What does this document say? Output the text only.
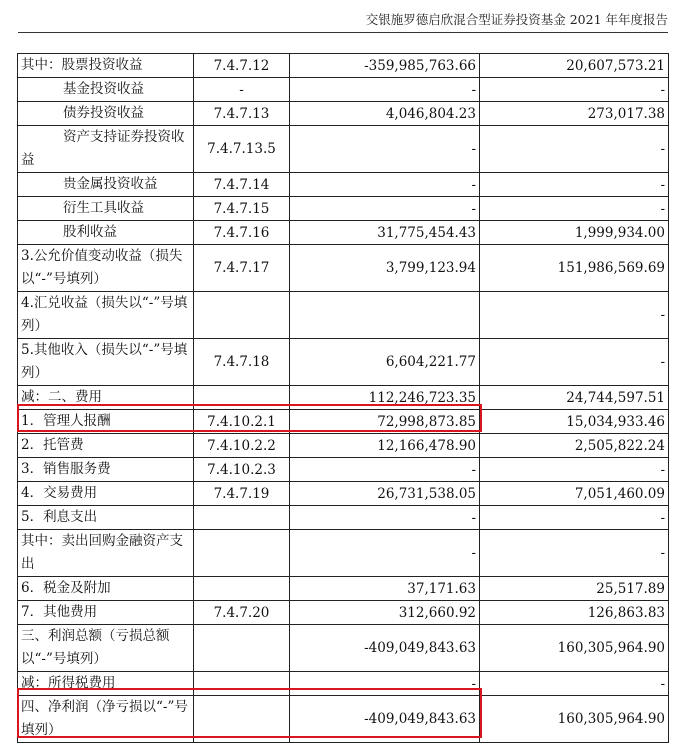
交银施罗德启欣混合型证券投资基金 2021 年年度报告
其中：股票投资收益	7.4.7.12	-359,985,763.66	20,607,573.21
基金投资收益	-	-	-
债券投资收益	7.4.7.13	4,046,804.23	273,017.38
资产支持证券投资收益	7.4.7.13.5	-	-
贵金属投资收益	7.4.7.14	-	-
衍生工具收益	7.4.7.15	-	-
股利收益	7.4.7.16	31,775,454.43	1,999,934.00
3.公允价值变动收益（损失以“-”号填列）	7.4.7.17	3,799,123.94	151,986,569.69
4.汇兑收益（损失以“-”号填列）			-
5.其他收入（损失以“-”号填列）	7.4.7.18	6,604,221.77	-
减：二、费用		112,246,723.35	24,744,597.51
1．管理人报酬	7.4.10.2.1	72,998,873.85	15,034,933.46
2．托管费	7.4.10.2.2	12,166,478.90	2,505,822.24
3．销售服务费	7.4.10.2.3	-	-
4．交易费用	7.4.7.19	26,731,538.05	7,051,460.09
5．利息支出		-	-
其中：卖出回购金融资产支出		-	-
6．税金及附加		37,171.63	25,517.89
7．其他费用	7.4.7.20	312,660.92	126,863.83
三、利润总额（亏损总额以“-”号填列）		-409,049,843.63	160,305,964.90
减：所得税费用		-	-
四、净利润（净亏损以“-”号填列）		-409,049,843.63	160,305,964.90
